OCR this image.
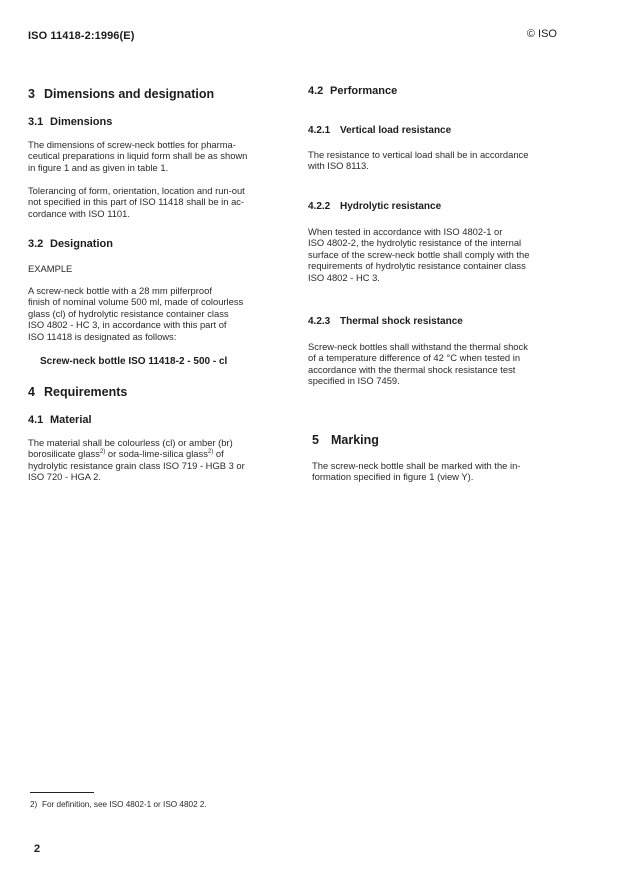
ISO 11418-2:1996(E)	© ISO
3 Dimensions and designation
3.1 Dimensions
The dimensions of screw-neck bottles for pharma-
ceutical preparations in liquid form shall be as shown
in figure 1 and as given in table 1.
Tolerancing of form, orientation, location and run-out
not specified in this part of ISO 11418 shall be in ac-
cordance with ISO 1101.
3.2 Designation
EXAMPLE
A screw-neck bottle with a 28 mm pilferproof
finish of nominal volume 500 ml, made of colourless
glass (cl) of hydrolytic resistance container class
ISO 4802 - HC 3, in accordance with this part of
ISO 11418 is designated as follows:
Screw-neck bottle ISO 11418-2 - 500 - cl
4 Requirements
4.1 Material
The material shall be colourless (cl) or amber (br)
borosilicate glass$^{2)}$ or soda-lime-silica glass$^{2)}$ of
hydrolytic resistance grain class ISO 719 - HGB 3 or
ISO 720 - HGA 2.
4.2 Performance
4.2.1 Vertical load resistance
The resistance to vertical load shall be in accordance
with ISO 8113.
4.2.2 Hydrolytic resistance
When tested in accordance with ISO 4802-1 or
ISO 4802-2, the hydrolytic resistance of the internal
surface of the screw-neck bottle shall comply with the
requirements of hydrolytic resistance container class
ISO 4802 - HC 3.
4.2.3 Thermal shock resistance
Screw-neck bottles shall withstand the thermal shock
of a temperature difference of 42 °C when tested in
accordance with the thermal shock resistance test
specified in ISO 7459.
5 Marking
The screw-neck bottle shall be marked with the in-
formation specified in figure 1 (view Y).
2) For definition, see ISO 4802-1 or ISO 4802 2.
2
